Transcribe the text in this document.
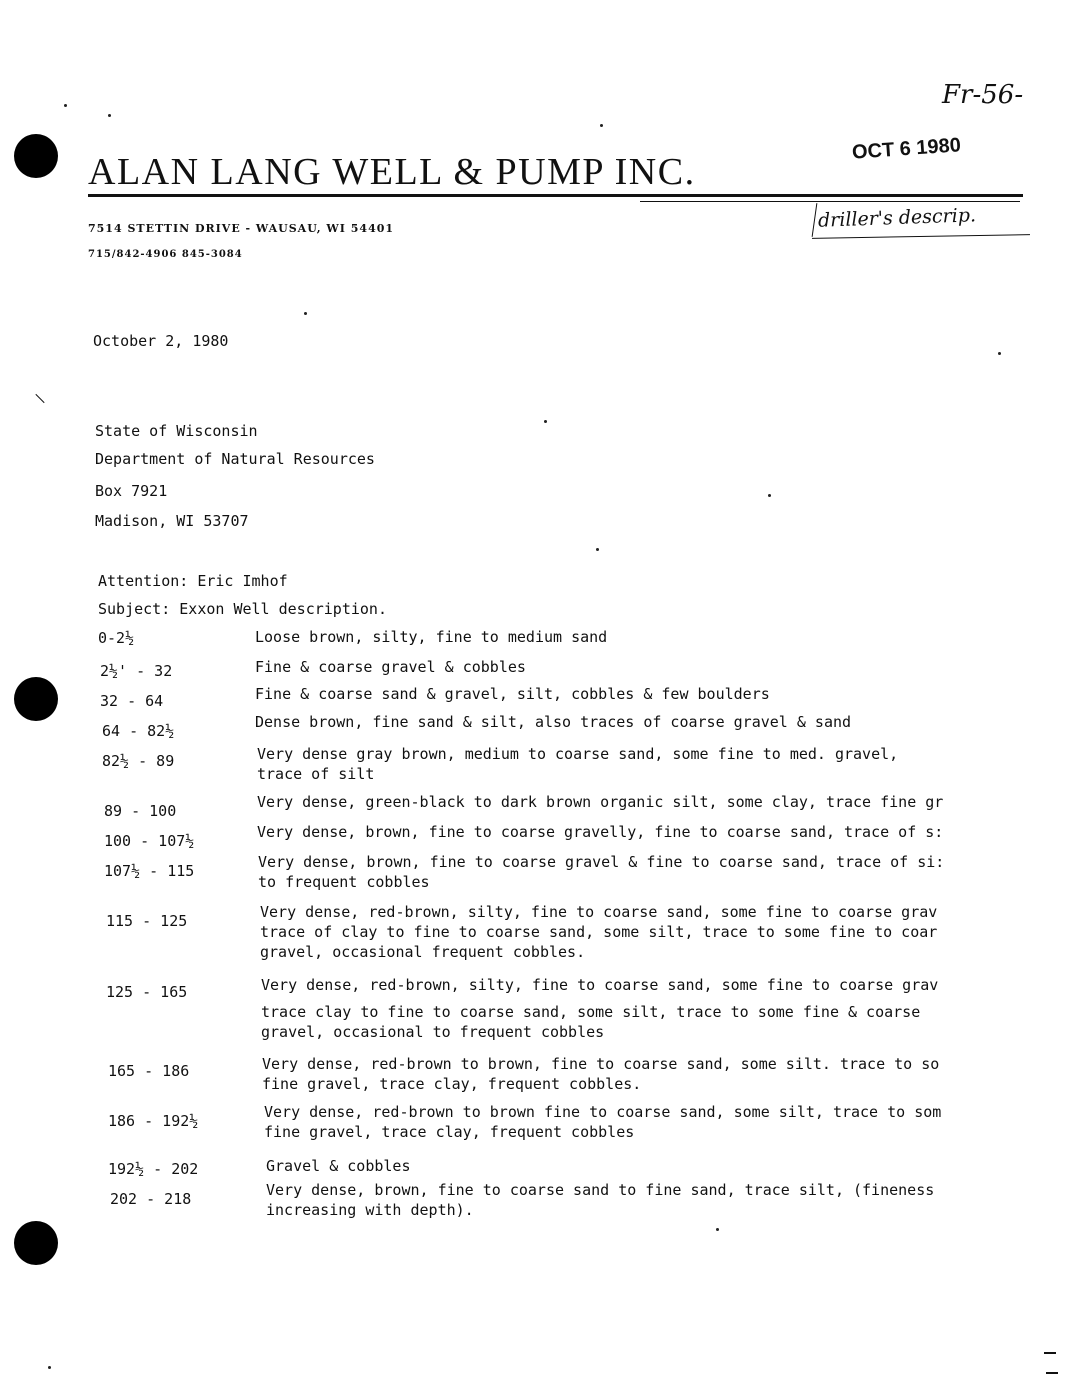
Fr-56-
OCT 6 1980
ALAN LANG WELL & PUMP INC.
7514 STETTIN DRIVE - WAUSAU, WI 54401
715/842-4906 845-3084
driller's descrip.
October 2, 1980
State of Wisconsin
Department of Natural Resources
Box 7921
Madison, WI 53707
Attention: Eric Imhof
Subject: Exxon Well description.
0-2½	Loose brown, silty, fine to medium sand
2½' - 32	Fine & coarse gravel & cobbles
32 - 64	Fine & coarse sand & gravel, silt, cobbles & few boulders
64 - 82½	Dense brown, fine sand & silt, also traces of coarse gravel & sand
82½ - 89	Very dense gray brown, medium to coarse sand, some fine to med. gravel,
trace of silt
89 - 100	Very dense, green-black to dark brown organic silt, some clay, trace fine gr
100 - 107½	Very dense, brown, fine to coarse gravelly, fine to coarse sand, trace of s:
107½ - 115	Very dense, brown, fine to coarse gravel & fine to coarse sand, trace of si:
to frequent cobbles
115 - 125	Very dense, red-brown, silty, fine to coarse sand, some fine to coarse grav
trace of clay to fine to coarse sand, some silt, trace to some fine to coar
gravel, occasional frequent cobbles.
125 - 165	Very dense, red-brown, silty, fine to coarse sand, some fine to coarse grav
trace clay to fine to coarse sand, some silt, trace to some fine & coarse
gravel, occasional to frequent cobbles
165 - 186	Very dense, red-brown to brown, fine to coarse sand, some silt. trace to so
fine gravel, trace clay, frequent cobbles.
186 - 192½	Very dense, red-brown to brown fine to coarse sand, some silt, trace to som
fine gravel, trace clay, frequent cobbles
192½ - 202	Gravel & cobbles
202 - 218	Very dense, brown, fine to coarse sand to fine sand, trace silt, (fineness
increasing with depth).
